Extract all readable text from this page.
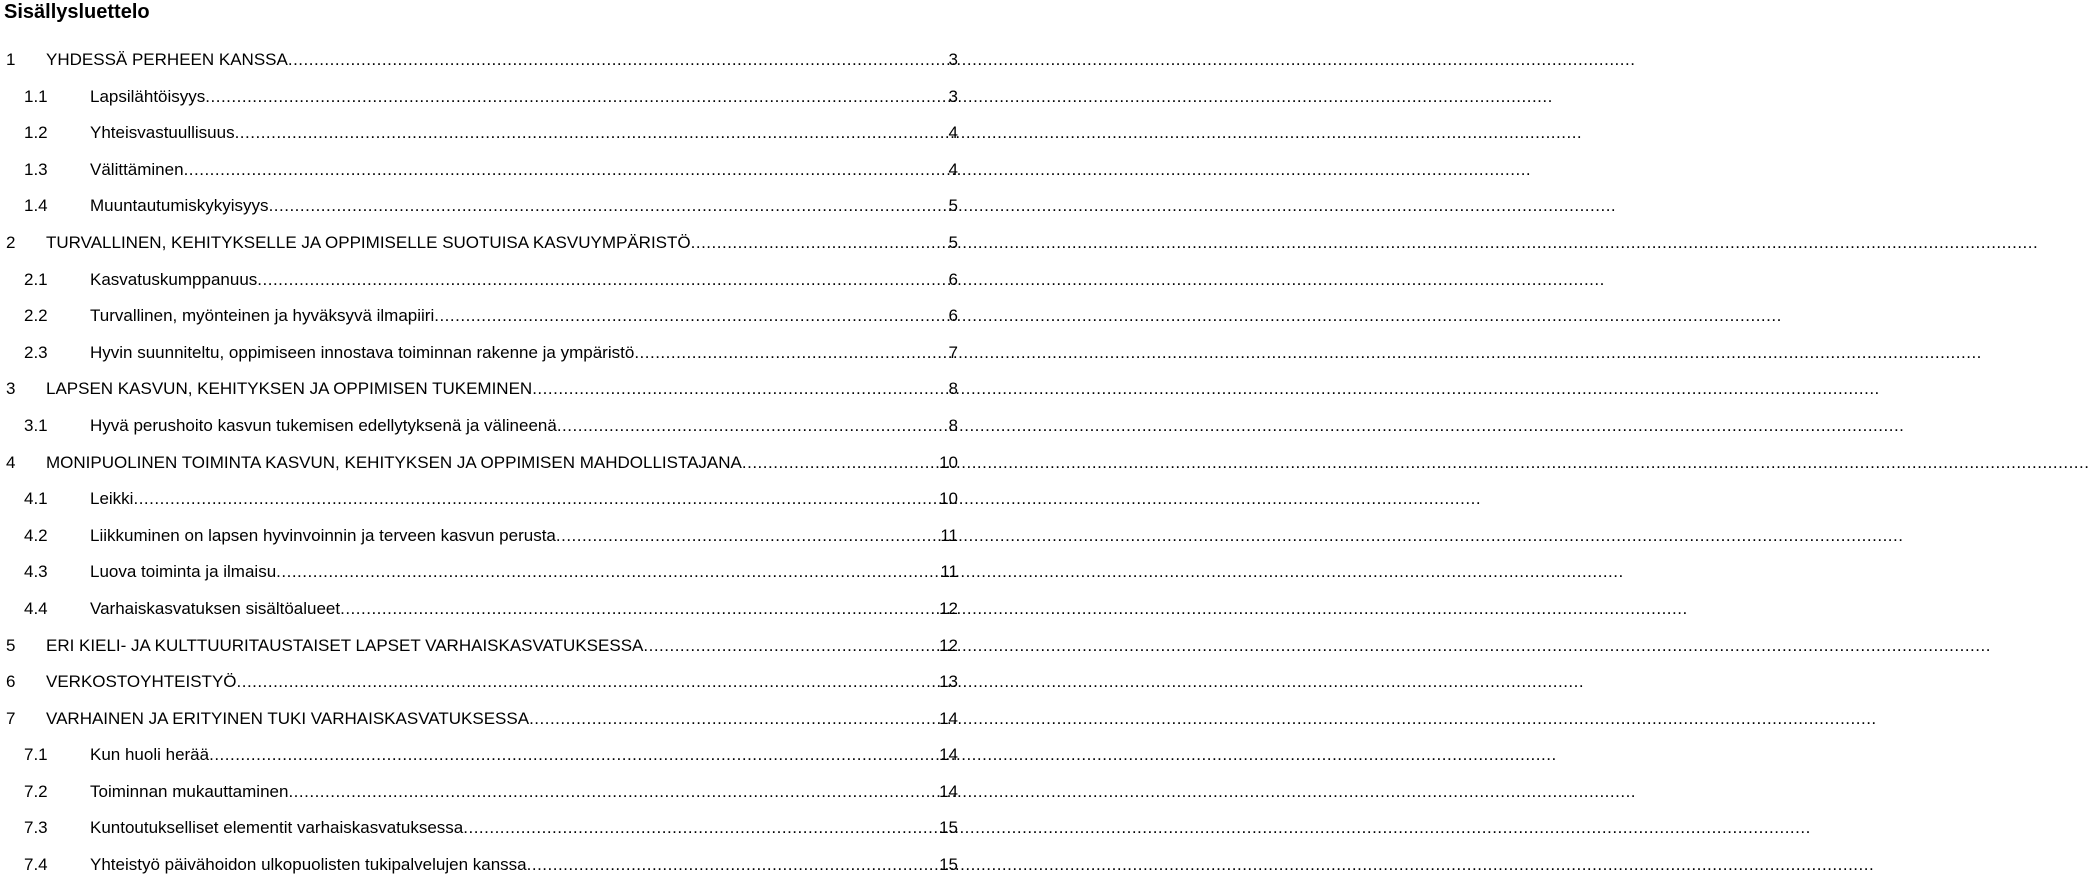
Sisällysluettelo
1	YHDESSÄ PERHEEN KANSSA .....	3
1.1	Lapsilähtöisyys .....	3
1.2	Yhteisvastuullisuus .....	4
1.3	Välittäminen .....	4
1.4	Muuntautumiskykyisyys .....	5
2	TURVALLINEN, KEHITYKSELLE JA OPPIMISELLE SUOTUISA KASVUYMPÄRISTÖ .....	5
2.1	Kasvatuskumppanuus .....	6
2.2	Turvallinen, myönteinen ja hyväksyvä ilmapiiri .....	6
2.3	Hyvin suunniteltu, oppimiseen innostava toiminnan rakenne ja ympäristö .....	7
3	LAPSEN KASVUN, KEHITYKSEN JA OPPIMISEN TUKEMINEN .....	8
3.1	Hyvä perushoito kasvun tukemisen edellytyksenä ja välineenä .....	8
4	MONIPUOLINEN TOIMINTA KASVUN, KEHITYKSEN JA OPPIMISEN MAHDOLLISTAJANA .....	10
4.1	Leikki .....	10
4.2	Liikkuminen on lapsen hyvinvoinnin ja terveen kasvun perusta .....	11
4.3	Luova toiminta ja ilmaisu .....	11
4.4	Varhaiskasvatuksen sisältöalueet .....	12
5	ERI KIELI- JA KULTTUURITAUSTAISET LAPSET VARHAISKASVATUKSESSA .....	12
6	VERKOSTOYHTEISTYÖ .....	13
7	VARHAINEN JA ERITYINEN TUKI VARHAISKASVATUKSESSA .....	14
7.1	Kun huoli herää .....	14
7.2	Toiminnan mukauttaminen .....	14
7.3	Kuntoutukselliset elementit varhaiskasvatuksessa .....	15
7.4	Yhteistyö päivähoidon ulkopuolisten tukipalvelujen kanssa .....	15
